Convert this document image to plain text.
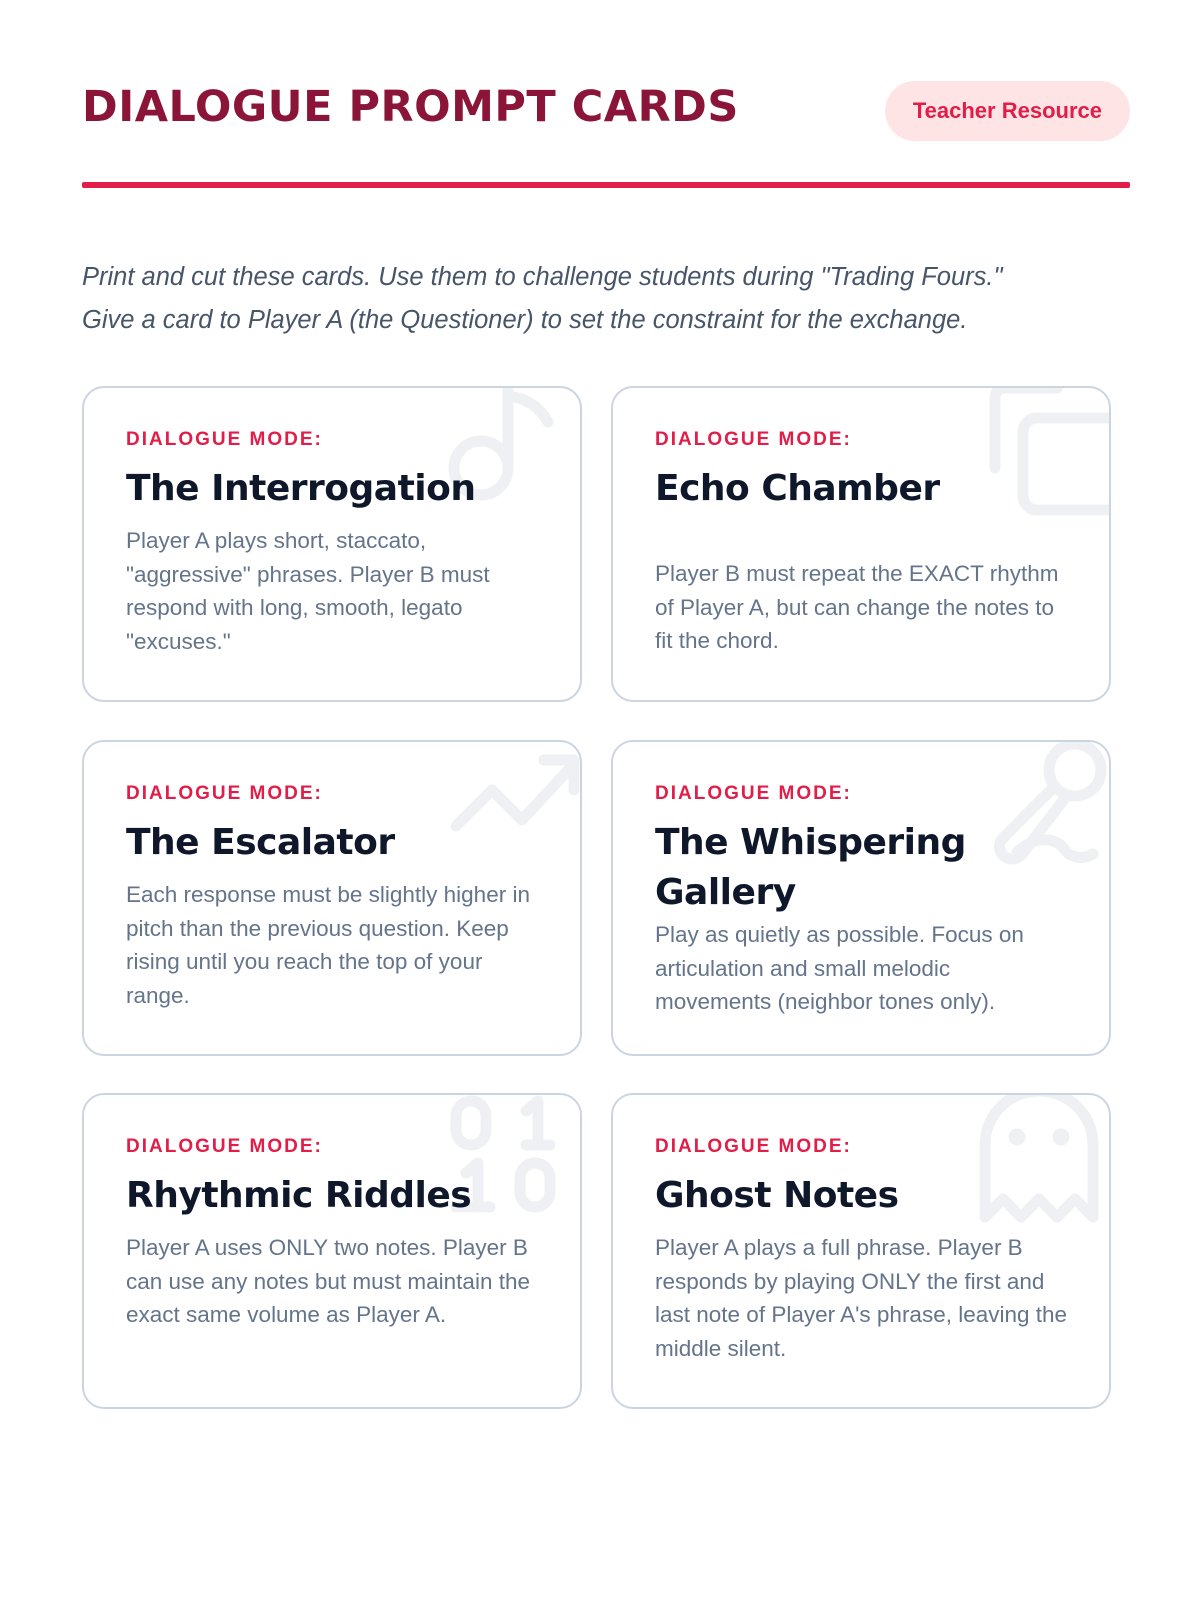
DIALOGUE PROMPT CARDS	Teacher Resource

Print and cut these cards. Use them to challenge students during "Trading Fours."
Give a card to Player A (the Questioner) to set the constraint for the exchange.

DIALOGUE MODE:

The Interrogation

Player A plays short, staccato, "aggressive" phrases. Player B must respond with long, smooth, legato "excuses."

DIALOGUE MODE:

Echo Chamber

Player B must repeat the EXACT rhythm of Player A, but can change the notes to fit the chord.

DIALOGUE MODE:

The Escalator

Each response must be slightly higher in pitch than the previous question. Keep rising until you reach the top of your range.

DIALOGUE MODE:

The Whispering Gallery

Play as quietly as possible. Focus on articulation and small melodic movements (neighbor tones only).

DIALOGUE MODE:

Rhythmic Riddles

Player A uses ONLY two notes. Player B can use any notes but must maintain the exact same volume as Player A.

DIALOGUE MODE:

Ghost Notes

Player A plays a full phrase. Player B responds by playing ONLY the first and last note of Player A's phrase, leaving the middle silent.
